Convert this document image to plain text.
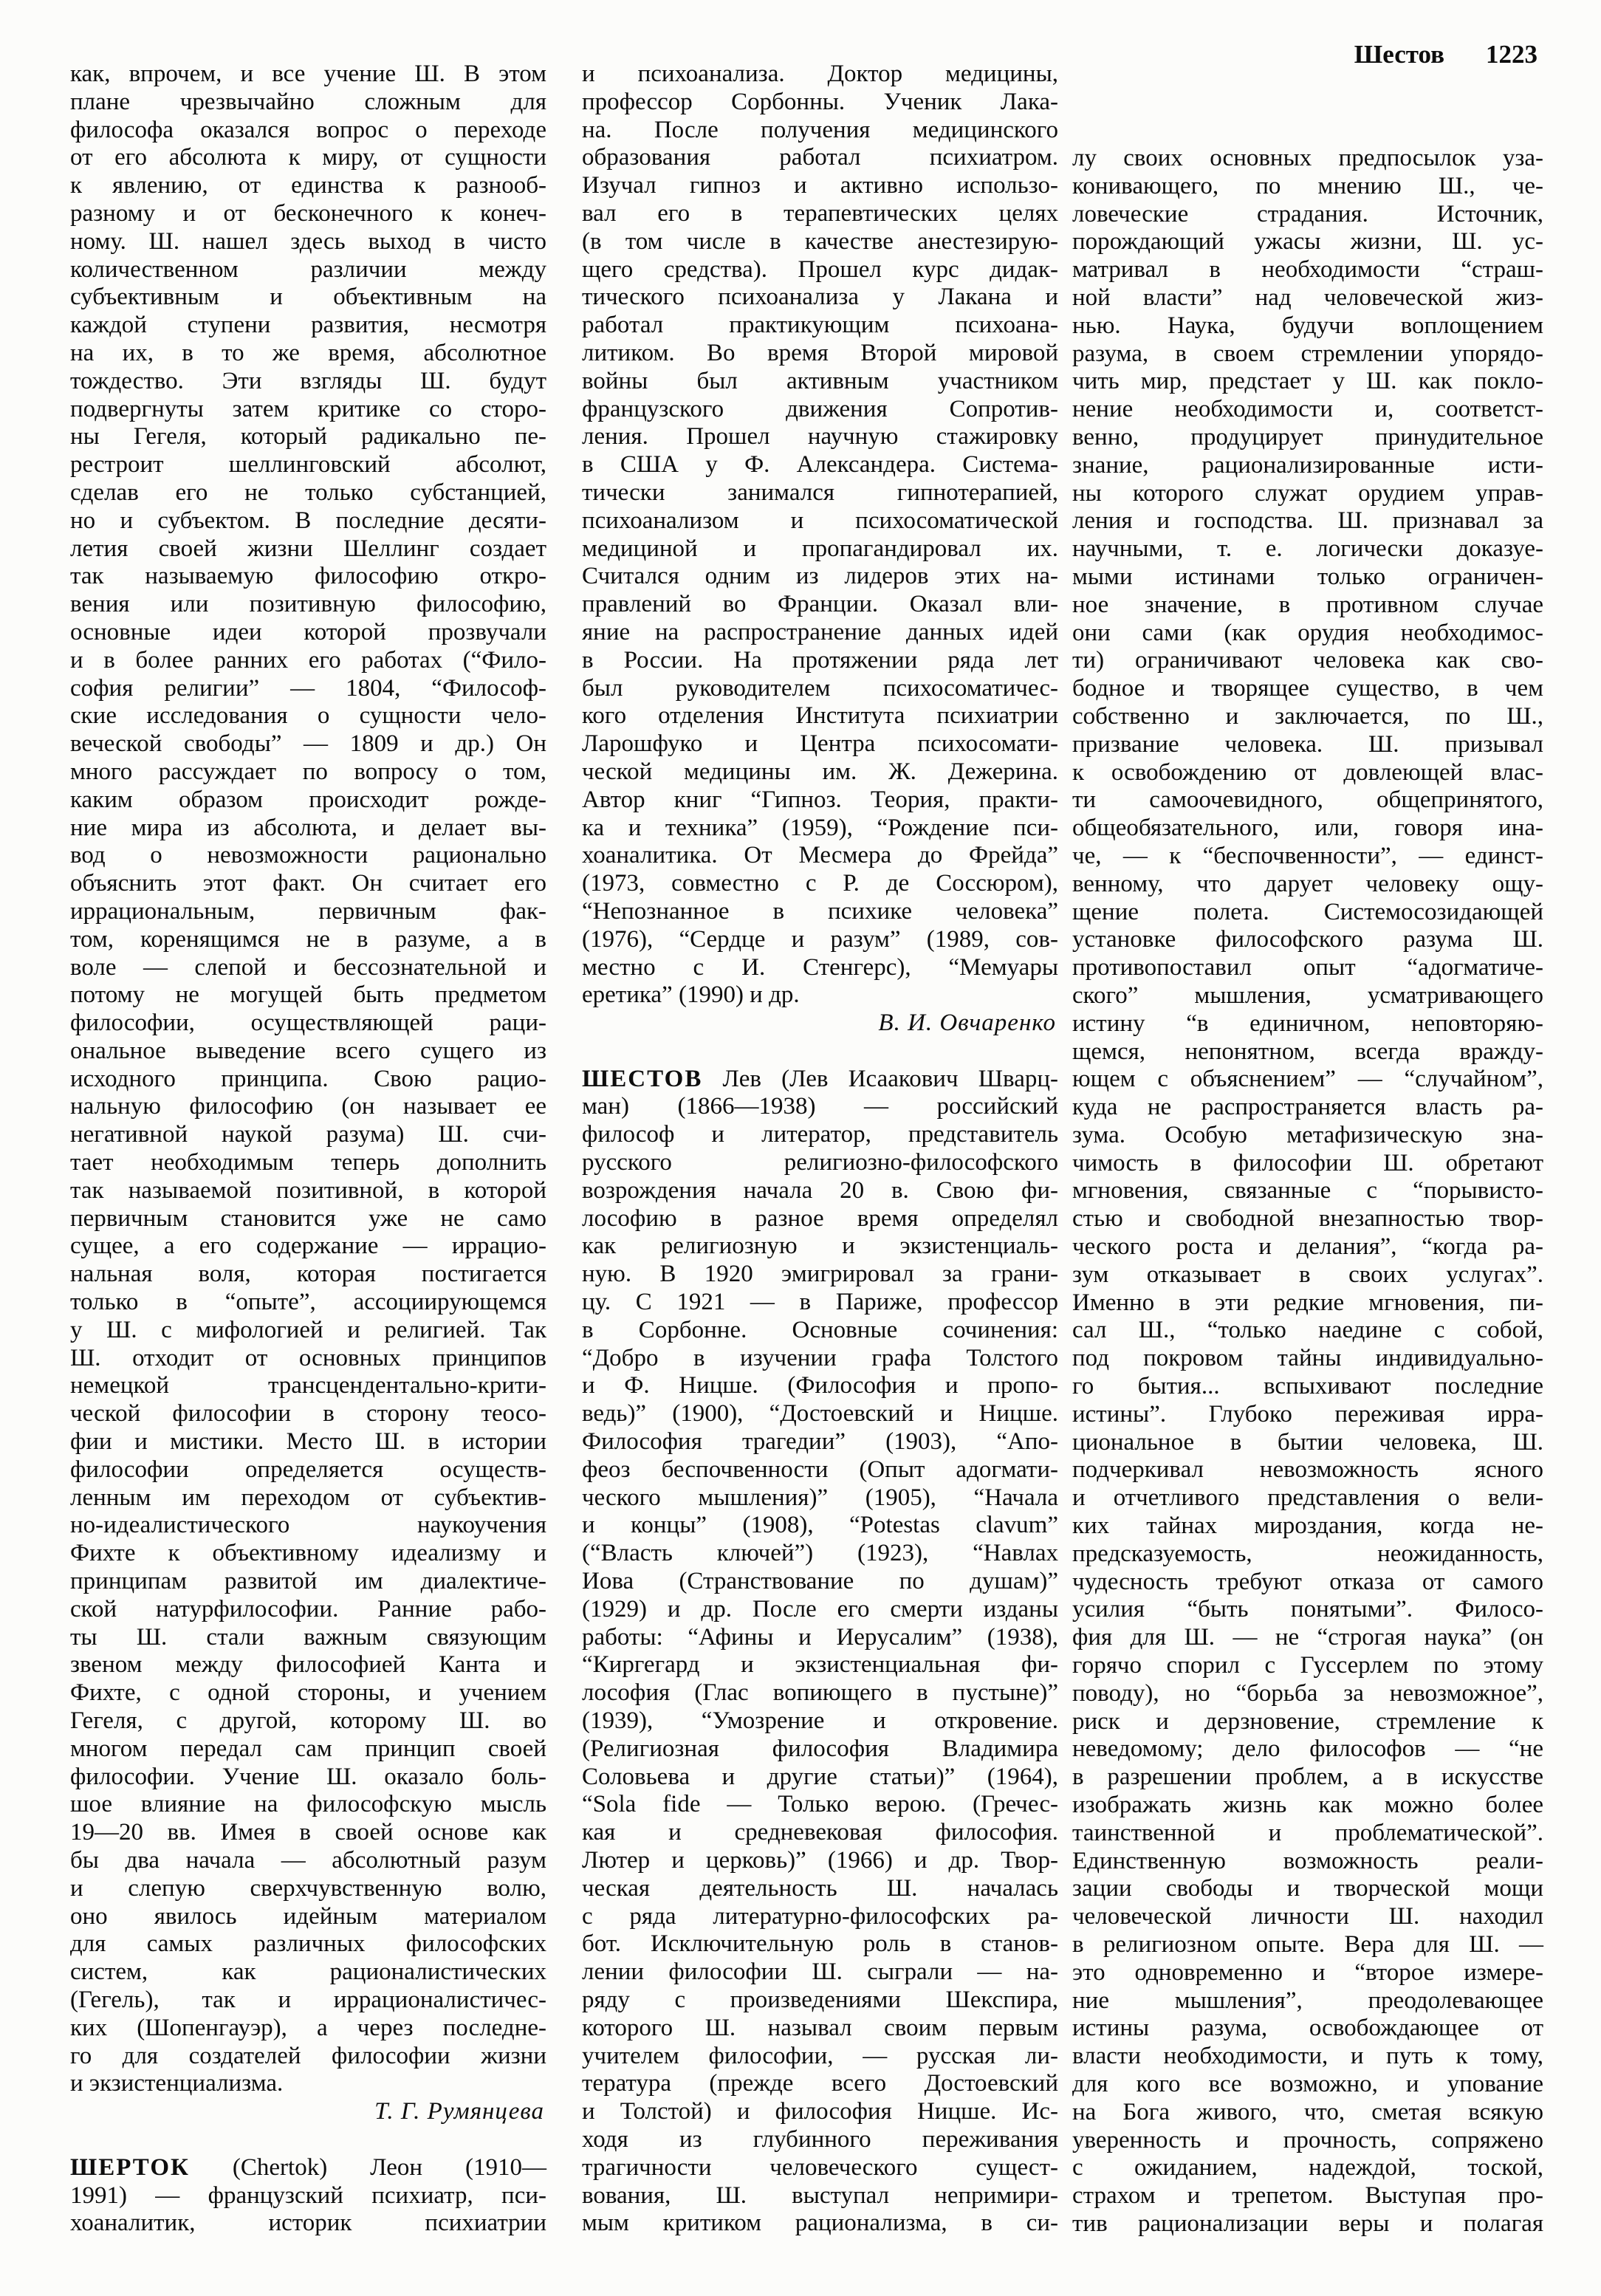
Шестов 1223
как, впрочем, и все учение Ш. В этом
плане чрезвычайно сложным для
философа оказался вопрос о переходе
от его абсолюта к миру, от сущности
к явлению, от единства к разнооб-
разному и от бесконечного к конеч-
ному. Ш. нашел здесь выход в чисто
количественном различии между
субъективным и объективным на
каждой ступени развития, несмотря
на их, в то же время, абсолютное
тождество. Эти взгляды Ш. будут
подвергнуты затем критике со сторо-
ны Гегеля, который радикально пе-
рестроит шеллинговский абсолют,
сделав его не только субстанцией,
но и субъектом. В последние десяти-
летия своей жизни Шеллинг создает
так называемую философию откро-
вения или позитивную философию,
основные идеи которой прозвучали
и в более ранних его работах (“Фило-
софия религии” — 1804, “Философ-
ские исследования о сущности чело-
веческой свободы” — 1809 и др.) Он
много рассуждает по вопросу о том,
каким образом происходит рожде-
ние мира из абсолюта, и делает вы-
вод о невозможности рационально
объяснить этот факт. Он считает его
иррациональным, первичным фак-
том, коренящимся не в разуме, а в
воле — слепой и бессознательной и
потому не могущей быть предметом
философии, осуществляющей раци-
ональное выведение всего сущего из
исходного принципа. Свою рацио-
нальную философию (он называет ее
негативной наукой разума) Ш. счи-
тает необходимым теперь дополнить
так называемой позитивной, в которой
первичным становится уже не само
сущее, а его содержание — иррацио-
нальная воля, которая постигается
только в “опыте”, ассоциирующемся
у Ш. с мифологией и религией. Так
Ш. отходит от основных принципов
немецкой трансцендентально-крити-
ческой философии в сторону теосо-
фии и мистики. Место Ш. в истории
философии определяется осуществ-
ленным им переходом от субъектив-
но-идеалистического наукоучения
Фихте к объективному идеализму и
принципам развитой им диалектиче-
ской натурфилософии. Ранние рабо-
ты Ш. стали важным связующим
звеном между философией Канта и
Фихте, с одной стороны, и учением
Гегеля, с другой, которому Ш. во
многом передал сам принцип своей
философии. Учение Ш. оказало боль-
шое влияние на философскую мысль
19—20 вв. Имея в своей основе как
бы два начала — абсолютный разум
и слепую сверхчувственную волю,
оно явилось идейным материалом
для самых различных философских
систем, как рационалистических
(Гегель), так и иррационалистичес-
ких (Шопенгауэр), а через последне-
го для создателей философии жизни
и экзистенциализма.
Т. Г. Румянцева
ШЕРТОК (Chertok) Леон (1910—
1991) — французский психиатр, пси-
хоаналитик, историк психиатрии
и психоанализа. Доктор медицины,
профессор Сорбонны. Ученик Лака-
на. После получения медицинского
образования работал психиатром.
Изучал гипноз и активно использо-
вал его в терапевтических целях
(в том числе в качестве анестезирую-
щего средства). Прошел курс дидак-
тического психоанализа у Лакана и
работал практикующим психоана-
литиком. Во время Второй мировой
войны был активным участником
французского движения Сопротив-
ления. Прошел научную стажировку
в США у Ф. Александера. Система-
тически занимался гипнотерапией,
психоанализом и психосоматической
медициной и пропагандировал их.
Считался одним из лидеров этих на-
правлений во Франции. Оказал вли-
яние на распространение данных идей
в России. На протяжении ряда лет
был руководителем психосоматичес-
кого отделения Института психиатрии
Ларошфуко и Центра психосомати-
ческой медицины им. Ж. Дежерина.
Автор книг “Гипноз. Теория, практи-
ка и техника” (1959), “Рождение пси-
хоаналитика. От Месмера до Фрейда”
(1973, совместно с Р. де Соссюром),
“Непознанное в психике человека”
(1976), “Сердце и разум” (1989, сов-
местно с И. Стенгерс), “Мемуары
еретика” (1990) и др.
В. И. Овчаренко
ШЕСТОВ Лев (Лев Исаакович Шварц-
ман) (1866—1938) — российский
философ и литератор, представитель
русского религиозно-философского
возрождения начала 20 в. Свою фи-
лософию в разное время определял
как религиозную и экзистенциаль-
ную. В 1920 эмигрировал за грани-
цу. С 1921 — в Париже, профессор
в Сорбонне. Основные сочинения:
“Добро в изучении графа Толстого
и Ф. Ницше. (Философия и пропо-
ведь)” (1900), “Достоевский и Ницше.
Философия трагедии” (1903), “Апо-
феоз беспочвенности (Опыт адогмати-
ческого мышления)” (1905), “Начала
и концы” (1908), “Potestas clavum”
(“Власть ключей”) (1923), “Навлах
Иова (Странствование по душам)”
(1929) и др. После его смерти изданы
работы: “Афины и Иерусалим” (1938),
“Киргегард и экзистенциальная фи-
лософия (Глас вопиющего в пустыне)”
(1939), “Умозрение и откровение.
(Религиозная философия Владимира
Соловьева и другие статьи)” (1964),
“Sola fide — Только верою. (Гречес-
кая и средневековая философия.
Лютер и церковь)” (1966) и др. Твор-
ческая деятельность Ш. началась
с ряда литературно-философских ра-
бот. Исключительную роль в станов-
лении философии Ш. сыграли — на-
ряду с произведениями Шекспира,
которого Ш. называл своим первым
учителем философии, — русская ли-
тература (прежде всего Достоевский
и Толстой) и философия Ницше. Ис-
ходя из глубинного переживания
трагичности человеческого сущест-
вования, Ш. выступал непримири-
мым критиком рационализма, в си-
лу своих основных предпосылок уза-
конивающего, по мнению Ш., че-
ловеческие страдания. Источник,
порождающий ужасы жизни, Ш. ус-
матривал в необходимости “страш-
ной власти” над человеческой жиз-
нью. Наука, будучи воплощением
разума, в своем стремлении упорядо-
чить мир, предстает у Ш. как покло-
нение необходимости и, соответст-
венно, продуцирует принудительное
знание, рационализированные исти-
ны которого служат орудием управ-
ления и господства. Ш. признавал за
научными, т. е. логически доказуе-
мыми истинами только ограничен-
ное значение, в противном случае
они сами (как орудия необходимос-
ти) ограничивают человека как сво-
бодное и творящее существо, в чем
собственно и заключается, по Ш.,
призвание человека. Ш. призывал
к освобождению от довлеющей влас-
ти самоочевидного, общепринятого,
общеобязательного, или, говоря ина-
че, — к “беспочвенности”, — единст-
венному, что дарует человеку ощу-
щение полета. Системосозидающей
установке философского разума Ш.
противопоставил опыт “адогматиче-
ского” мышления, усматривающего
истину “в единичном, неповторяю-
щемся, непонятном, всегда вражду-
ющем с объяснением” — “случайном”,
куда не распространяется власть ра-
зума. Особую метафизическую зна-
чимость в философии Ш. обретают
мгновения, связанные с “порывисто-
стью и свободной внезапностью твор-
ческого роста и делания”, “когда ра-
зум отказывает в своих услугах”.
Именно в эти редкие мгновения, пи-
сал Ш., “только наедине с собой,
под покровом тайны индивидуально-
го бытия... вспыхивают последние
истины”. Глубоко переживая ирра-
циональное в бытии человека, Ш.
подчеркивал невозможность ясного
и отчетливого представления о вели-
ких тайнах мироздания, когда не-
предсказуемость, неожиданность,
чудесность требуют отказа от самого
усилия “быть понятыми”. Филосо-
фия для Ш. — не “строгая наука” (он
горячо спорил с Гуссерлем по этому
поводу), но “борьба за невозможное”,
риск и дерзновение, стремление к
неведомому; дело философов — “не
в разрешении проблем, а в искусстве
изображать жизнь как можно более
таинственной и проблематической”.
Единственную возможность реали-
зации свободы и творческой мощи
человеческой личности Ш. находил
в религиозном опыте. Вера для Ш. —
это одновременно и “второе измере-
ние мышления”, преодолевающее
истины разума, освобождающее от
власти необходимости, и путь к тому,
для кого все возможно, и упование
на Бога живого, что, сметая всякую
уверенность и прочность, сопряжено
с ожиданием, надеждой, тоской,
страхом и трепетом. Выступая про-
тив рационализации веры и полагая
